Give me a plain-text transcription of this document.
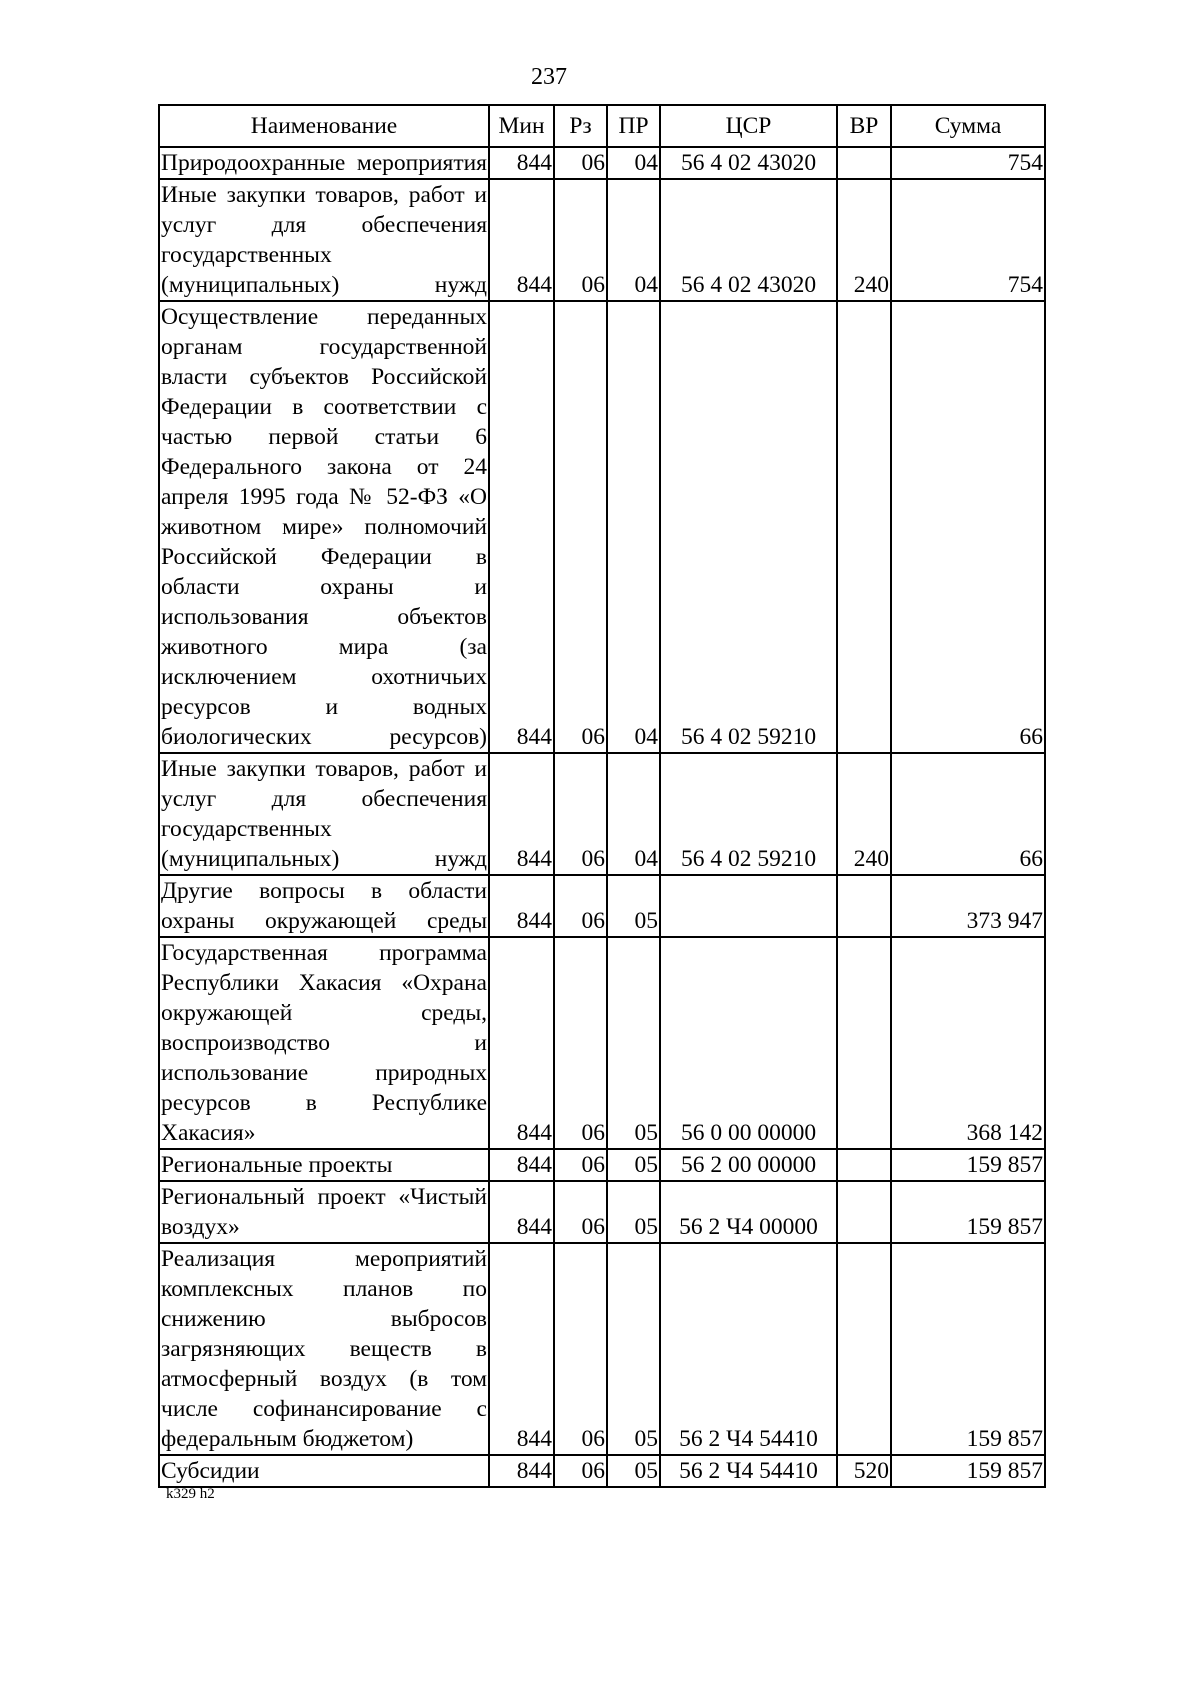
237
Наименование	Мин	Рз	ПР	ЦСР	ВР	Сумма
Природоохранные мероприятия	844	06	04	56 4 02 43020		754
Иные закупки товаров, работ и услуг для обеспечения государственных (муниципальных) нужд	844	06	04	56 4 02 43020	240	754
Осуществление переданных органам государственной власти субъектов Российской Федерации в соответствии с частью первой статьи 6 Федерального закона от 24 апреля 1995 года № 52-ФЗ «О животном мире» полномочий Российской Федерации в области охраны и использования объектов животного мира (за исключением охотничьих ресурсов и водных биологических ресурсов)	844	06	04	56 4 02 59210		66
Иные закупки товаров, работ и услуг для обеспечения государственных (муниципальных) нужд	844	06	04	56 4 02 59210	240	66
Другие вопросы в области охраны окружающей среды	844	06	05			373 947
Государственная программа Республики Хакасия «Охрана окружающей среды, воспроизводство и использование природных ресурсов в Республике Хакасия»	844	06	05	56 0 00 00000		368 142
Региональные проекты	844	06	05	56 2 00 00000		159 857
Региональный проект «Чистый воздух»	844	06	05	56 2 Ч4 00000		159 857
Реализация мероприятий комплексных планов по снижению выбросов загрязняющих веществ в атмосферный воздух (в том числе софинансирование с федеральным бюджетом)	844	06	05	56 2 Ч4 54410		159 857
Субсидии	844	06	05	56 2 Ч4 54410	520	159 857
k329 h2
